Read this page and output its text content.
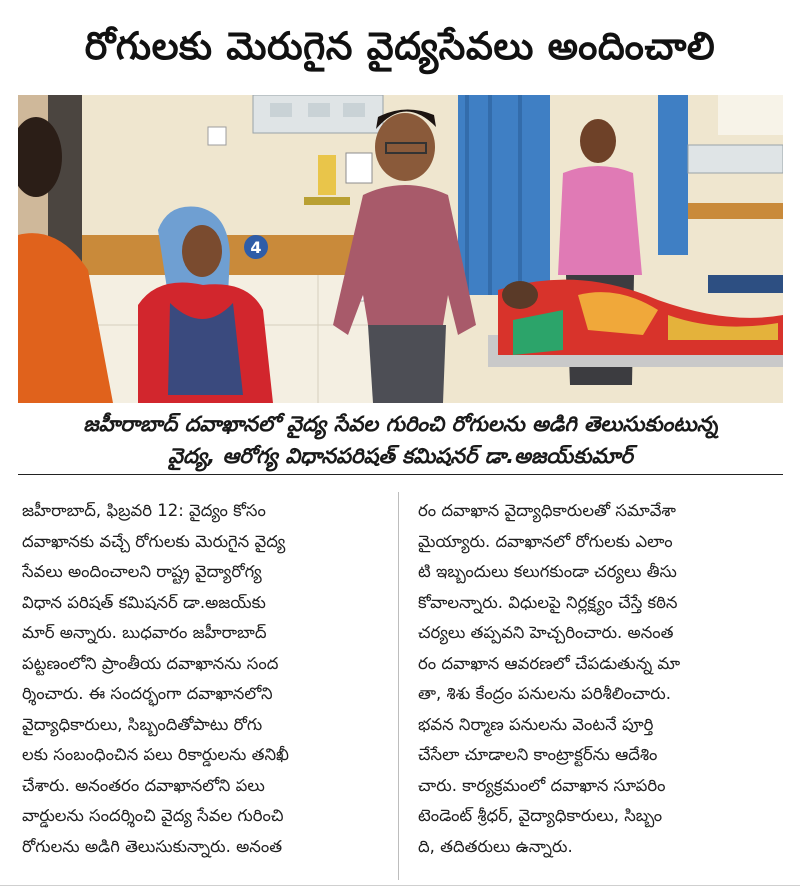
రోగులకు మెరుగైన వైద్యసేవలు అందించాలి
4
జహీరాబాద్ దవాఖానలో వైద్య సేవల గురించి రోగులను అడిగి తెలుసుకుంటున్న
వైద్య, ఆరోగ్య విధానపరిషత్ కమిషనర్ డా.అజయ్‌కుమార్
జహీరాబాద్, ఫిబ్రవరి 12: వైద్యం కోసం
దవాఖానకు వచ్చే రోగులకు మెరుగైన వైద్య
సేవలు అందించాలని రాష్ట్ర వైద్యారోగ్య
విధాన పరిషత్ కమిషనర్ డా.అజయ్‌కు
మార్ అన్నారు. బుధవారం జహీరాబాద్
పట్టణంలోని ప్రాంతీయ దవాఖానను సంద
ర్శించారు. ఈ సందర్భంగా దవాఖానలోని
వైద్యాధికారులు, సిబ్బందితోపాటు రోగు
లకు సంబంధించిన పలు రికార్డులను తనిఖీ
చేశారు. అనంతరం దవాఖానలోని పలు
వార్డులను సందర్శించి వైద్య సేవల గురించి
రోగులను అడిగి తెలుసుకున్నారు. అనంత
రం దవాఖాన వైద్యాధికారులతో సమావేశా
మైయ్యారు. దవాఖానలో రోగులకు ఎలాం
టి ఇబ్బందులు కలుగకుండా చర్యలు తీసు
కోవాలన్నారు. విధులపై నిర్లక్ష్యం చేస్తే కఠిన
చర్యలు తప్పవని హెచ్చరించారు. అనంత
రం దవాఖాన ఆవరణలో చేపడుతున్న మా
తా, శిశు కేంద్రం పనులను పరిశీలించారు.
భవన నిర్మాణ పనులను వెంటనే పూర్తి
చేసేలా చూడాలని కాంట్రాక్టర్‌ను ఆదేశిం
చారు. కార్యక్రమంలో దవాఖాన సూపరిం
టెండెంట్ శ్రీధర్, వైద్యాధికారులు, సిబ్బం
ది, తదితరులు ఉన్నారు.
